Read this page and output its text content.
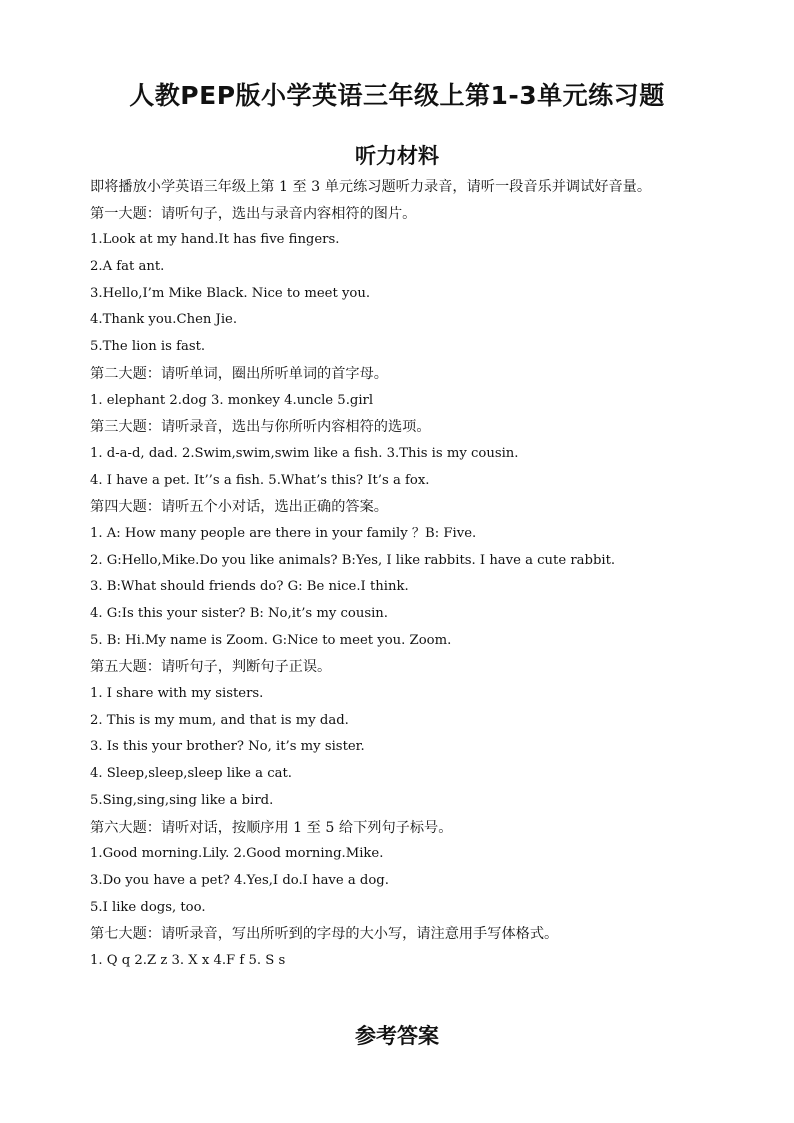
人教PEP版小学英语三年级上第1-3单元练习题
听力材料
即将播放小学英语三年级上第 1 至 3 单元练习题听力录音，请听一段音乐并调试好音量。
第一大题：请听句子，选出与录音内容相符的图片。
1.Look at my hand.It has five fingers.
2.A fat ant.
3.Hello,I’m Mike Black. Nice to meet you.
4.Thank you.Chen Jie.
5.The lion is fast.
第二大题：请听单词，圈出所听单词的首字母。
1. elephant 2.dog 3. monkey 4.uncle 5.girl
第三大题：请听录音，选出与你所听内容相符的选项。
1. d-a-d, dad. 2.Swim,swim,swim like a fish. 3.This is my cousin.
4. I have a pet. It’’s a fish. 5.What’s this? It’s a fox.
第四大题：请听五个小对话，选出正确的答案。
1. A: How many people are there in your family ？B: Five.
2. G:Hello,Mike.Do you like animals? B:Yes, I like rabbits. I have a cute rabbit.
3. B:What should friends do? G: Be nice.I think.
4. G:Is this your sister? B: No,it’s my cousin.
5. B: Hi.My name is Zoom. G:Nice to meet you. Zoom.
第五大题：请听句子，判断句子正误。
1. I share with my sisters.
2. This is my mum, and that is my dad.
3. Is this your brother? No, it’s my sister.
4. Sleep,sleep,sleep like a cat.
5.Sing,sing,sing like a bird.
第六大题：请听对话，按顺序用 1 至 5 给下列句子标号。
1.Good morning.Lily. 2.Good morning.Mike.
3.Do you have a pet? 4.Yes,I do.I have a dog.
5.I like dogs, too.
第七大题：请听录音，写出所听到的字母的大小写，请注意用手写体格式。
1. Q q 2.Z z 3. X x 4.F f 5. S s
参考答案
